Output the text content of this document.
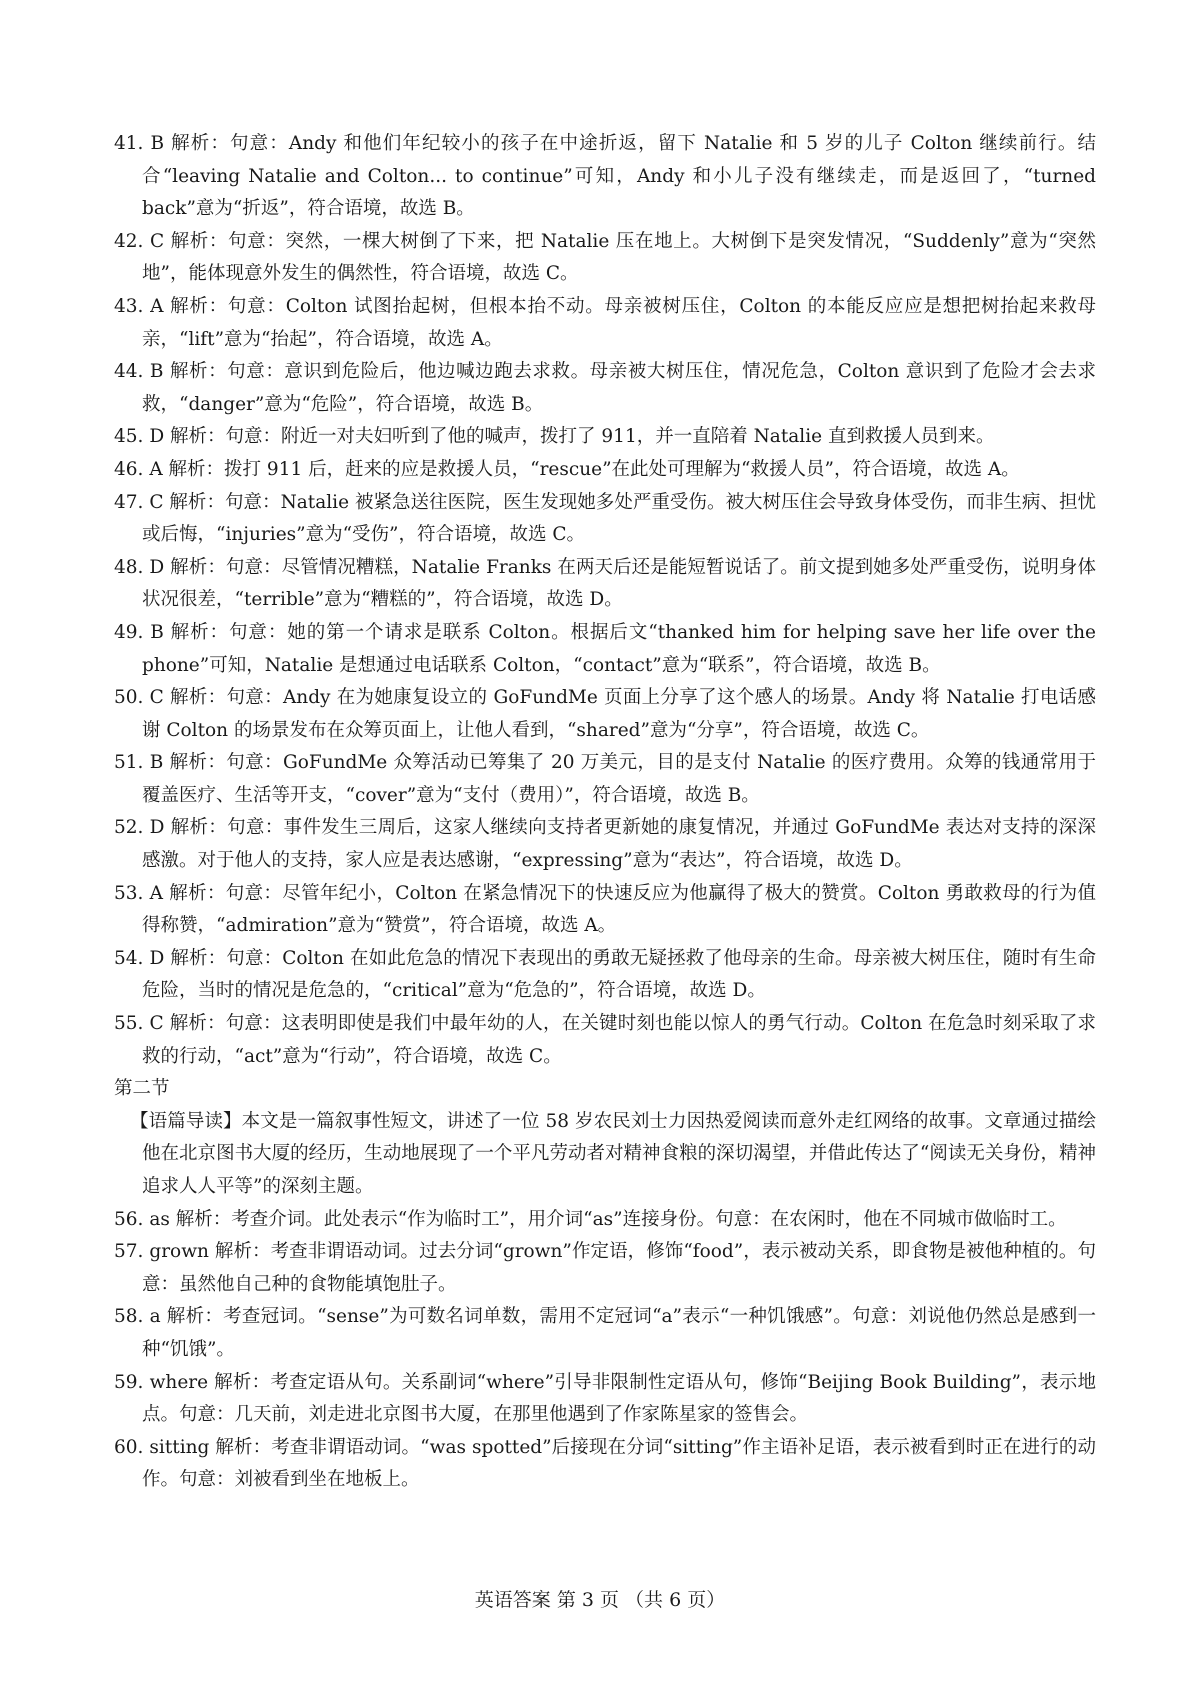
41. B 解析：句意：Andy 和他们年纪较小的孩子在中途折返，留下 Natalie 和 5 岁的儿子 Colton 继续前行。结合“leaving Natalie and Colton... to continue”可知，Andy 和小儿子没有继续走，而是返回了，“turned back”意为“折返”，符合语境，故选 B。
42. C 解析：句意：突然，一棵大树倒了下来，把 Natalie 压在地上。大树倒下是突发情况，“Suddenly”意为“突然地”，能体现意外发生的偶然性，符合语境，故选 C。
43. A 解析：句意：Colton 试图抬起树，但根本抬不动。母亲被树压住，Colton 的本能反应应是想把树抬起来救母亲，“lift”意为“抬起”，符合语境，故选 A。
44. B 解析：句意：意识到危险后，他边喊边跑去求救。母亲被大树压住，情况危急，Colton 意识到了危险才会去求救，“danger”意为“危险”，符合语境，故选 B。
45. D 解析：句意：附近一对夫妇听到了他的喊声，拨打了 911，并一直陪着 Natalie 直到救援人员到来。
46. A 解析：拨打 911 后，赶来的应是救援人员，“rescue”在此处可理解为“救援人员”，符合语境，故选 A。
47. C 解析：句意：Natalie 被紧急送往医院，医生发现她多处严重受伤。被大树压住会导致身体受伤，而非生病、担忧或后悔，“injuries”意为“受伤”，符合语境，故选 C。
48. D 解析：句意：尽管情况糟糕，Natalie Franks 在两天后还是能短暂说话了。前文提到她多处严重受伤，说明身体状况很差，“terrible”意为“糟糕的”，符合语境，故选 D。
49. B 解析：句意：她的第一个请求是联系 Colton。根据后文“thanked him for helping save her life over the phone”可知，Natalie 是想通过电话联系 Colton，“contact”意为“联系”，符合语境，故选 B。
50. C 解析：句意：Andy 在为她康复设立的 GoFundMe 页面上分享了这个感人的场景。Andy 将 Natalie 打电话感谢 Colton 的场景发布在众筹页面上，让他人看到，“shared”意为“分享”，符合语境，故选 C。
51. B 解析：句意：GoFundMe 众筹活动已筹集了 20 万美元，目的是支付 Natalie 的医疗费用。众筹的钱通常用于覆盖医疗、生活等开支，“cover”意为“支付（费用）”，符合语境，故选 B。
52. D 解析：句意：事件发生三周后，这家人继续向支持者更新她的康复情况，并通过 GoFundMe 表达对支持的深深感激。对于他人的支持，家人应是表达感谢，“expressing”意为“表达”，符合语境，故选 D。
53. A 解析：句意：尽管年纪小，Colton 在紧急情况下的快速反应为他赢得了极大的赞赏。Colton 勇敢救母的行为值得称赞，“admiration”意为“赞赏”，符合语境，故选 A。
54. D 解析：句意：Colton 在如此危急的情况下表现出的勇敢无疑拯救了他母亲的生命。母亲被大树压住，随时有生命危险，当时的情况是危急的，“critical”意为“危急的”，符合语境，故选 D。
55. C 解析：句意：这表明即使是我们中最年幼的人，在关键时刻也能以惊人的勇气行动。Colton 在危急时刻采取了求救的行动，“act”意为“行动”，符合语境，故选 C。
第二节
【语篇导读】本文是一篇叙事性短文，讲述了一位 58 岁农民刘士力因热爱阅读而意外走红网络的故事。文章通过描绘他在北京图书大厦的经历，生动地展现了一个平凡劳动者对精神食粮的深切渴望，并借此传达了“阅读无关身份，精神追求人人平等”的深刻主题。
56. as 解析：考查介词。此处表示“作为临时工”，用介词“as”连接身份。句意：在农闲时，他在不同城市做临时工。
57. grown 解析：考查非谓语动词。过去分词“grown”作定语，修饰“food”，表示被动关系，即食物是被他种植的。句意：虽然他自己种的食物能填饱肚子。
58. a 解析：考查冠词。“sense”为可数名词单数，需用不定冠词“a”表示“一种饥饿感”。句意：刘说他仍然总是感到一种“饥饿”。
59. where 解析：考查定语从句。关系副词“where”引导非限制性定语从句，修饰“Beijing Book Building”，表示地点。句意：几天前，刘走进北京图书大厦，在那里他遇到了作家陈星家的签售会。
60. sitting 解析：考查非谓语动词。“was spotted”后接现在分词“sitting”作主语补足语，表示被看到时正在进行的动作。句意：刘被看到坐在地板上。
英语答案 第 3 页 （共 6 页）
